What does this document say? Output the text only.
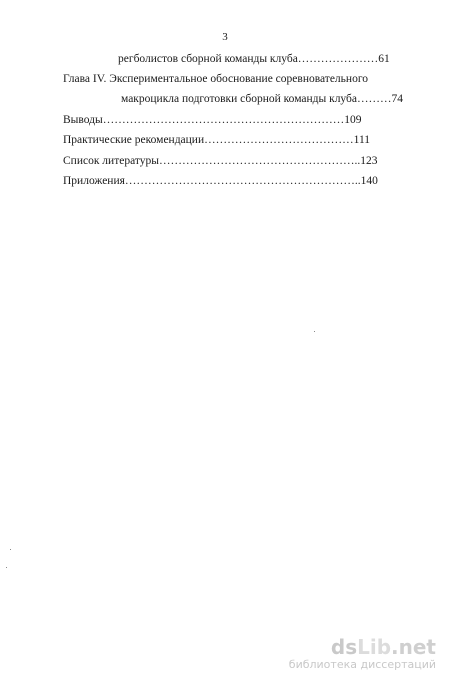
3
регболистов сборной команды клуба…………………61
Глава IV. Экспериментальное обоснование соревновательного
макроцикла подготовки сборной команды клуба………74
Выводы………………………………………………………109
Практические рекомендации…………………………………111
Список литературы……………………………………………..123
Приложения……………………………………………………..140
dsLib.net
библиотека диссертаций
